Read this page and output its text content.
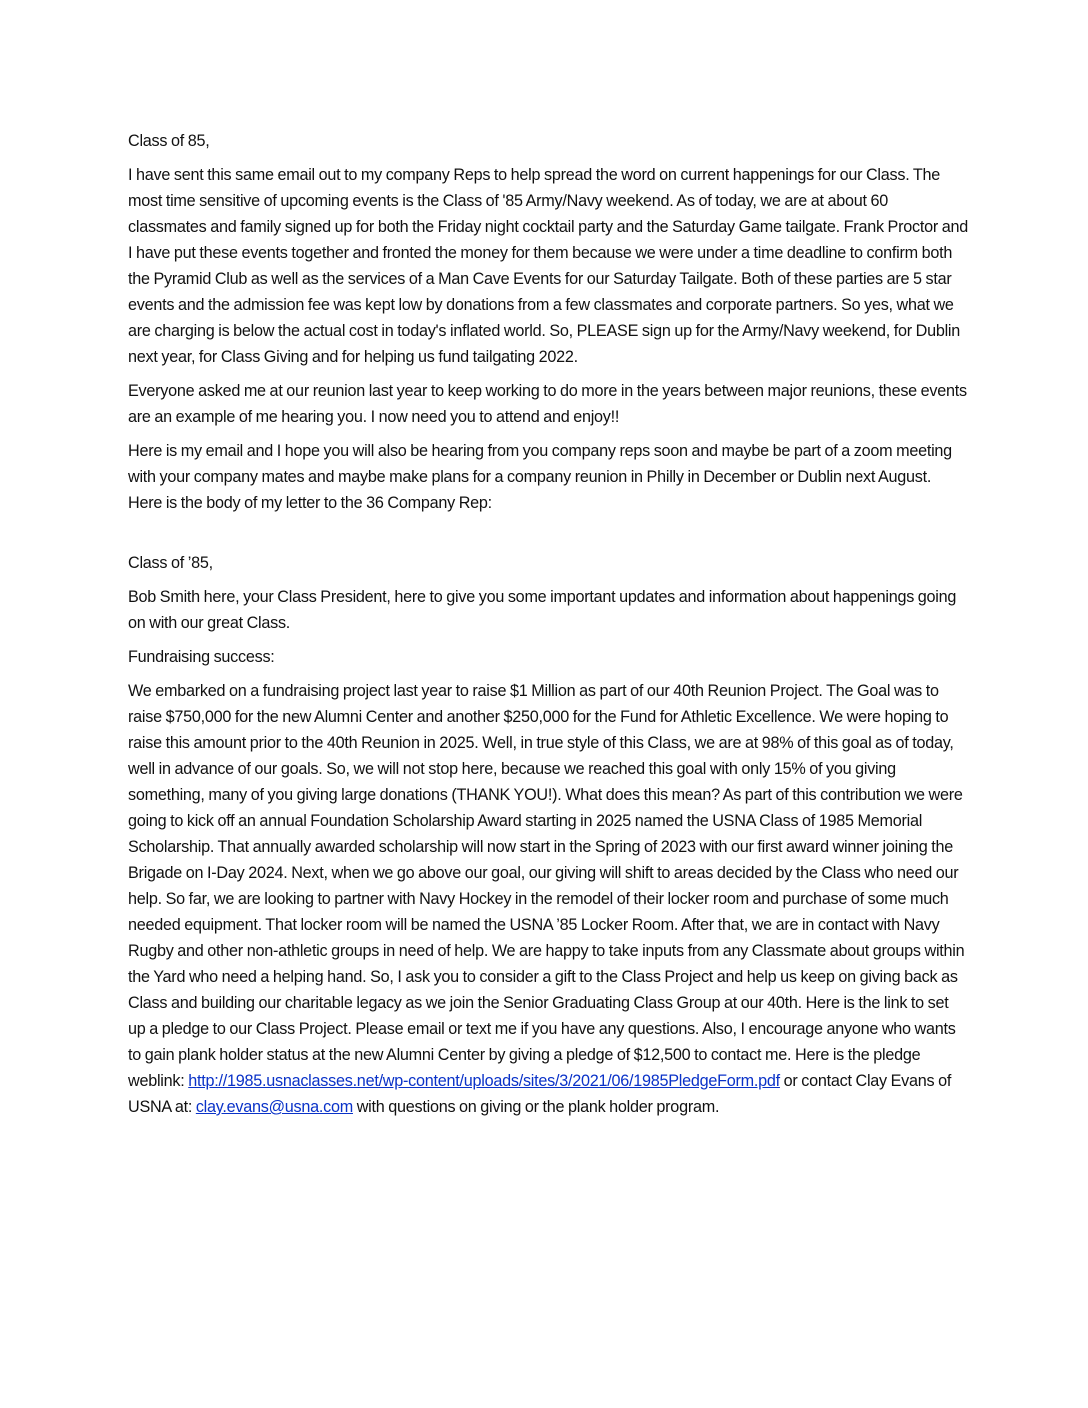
Class of 85,

I have sent this same email out to my company Reps to help spread the word on current happenings for our Class. The most time sensitive of upcoming events is the Class of '85 Army/Navy weekend. As of today, we are at about 60 classmates and family signed up for both the Friday night cocktail party and the Saturday Game tailgate. Frank Proctor and I have put these events together and fronted the money for them because we were under a time deadline to confirm both the Pyramid Club as well as the services of a Man Cave Events for our Saturday Tailgate. Both of these parties are 5 star events and the admission fee was kept low by donations from a few classmates and corporate partners. So yes, what we are charging is below the actual cost in today's inflated world. So, PLEASE sign up for the Army/Navy weekend, for Dublin next year, for Class Giving and for helping us fund tailgating 2022.

Everyone asked me at our reunion last year to keep working to do more in the years between major reunions, these events are an example of me hearing you. I now need you to attend and enjoy!!

Here is my email and I hope you will also be hearing from you company reps soon and maybe be part of a zoom meeting with your company mates and maybe make plans for a company reunion in Philly in December or Dublin next August. Here is the body of my letter to the 36 Company Rep:

Class of ’85,

Bob Smith here, your Class President, here to give you some important updates and information about happenings going on with our great Class.

Fundraising success:

We embarked on a fundraising project last year to raise $1 Million as part of our 40th Reunion Project. The Goal was to raise $750,000 for the new Alumni Center and another $250,000 for the Fund for Athletic Excellence. We were hoping to raise this amount prior to the 40th Reunion in 2025. Well, in true style of this Class, we are at 98% of this goal as of today, well in advance of our goals. So, we will not stop here, because we reached this goal with only 15% of you giving something, many of you giving large donations (THANK YOU!). What does this mean? As part of this contribution we were going to kick off an annual Foundation Scholarship Award starting in 2025 named the USNA Class of 1985 Memorial Scholarship. That annually awarded scholarship will now start in the Spring of 2023 with our first award winner joining the Brigade on I-Day 2024. Next, when we go above our goal, our giving will shift to areas decided by the Class who need our help. So far, we are looking to partner with Navy Hockey in the remodel of their locker room and purchase of some much needed equipment. That locker room will be named the USNA ’85 Locker Room. After that, we are in contact with Navy Rugby and other non-athletic groups in need of help. We are happy to take inputs from any Classmate about groups within the Yard who need a helping hand. So, I ask you to consider a gift to the Class Project and help us keep on giving back as Class and building our charitable legacy as we join the Senior Graduating Class Group at our 40th. Here is the link to set up a pledge to our Class Project. Please email or text me if you have any questions. Also, I encourage anyone who wants to gain plank holder status at the new Alumni Center by giving a pledge of $12,500 to contact me. Here is the pledge weblink: http://1985.usnaclasses.net/wp-content/uploads/sites/3/2021/06/1985PledgeForm.pdf or contact Clay Evans of USNA at: clay.evans@usna.com with questions on giving or the plank holder program.
